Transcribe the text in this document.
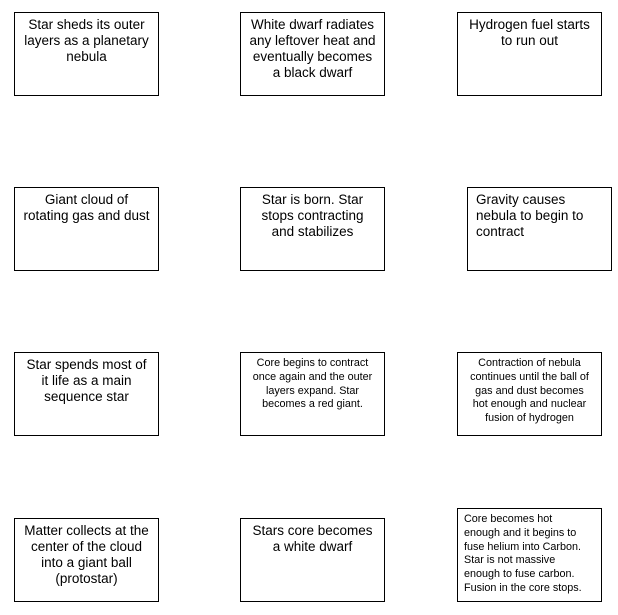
Star sheds its outer
layers as a planetary
nebula
White dwarf radiates
any leftover heat and
eventually becomes
a black dwarf
Hydrogen fuel starts
to run out
Giant cloud of
rotating gas and dust
Star is born. Star
stops contracting
and stabilizes
Gravity causes
nebula to begin to
contract
Star spends most of
it life as a main
sequence star
Core begins to contract
once again and the outer
layers expand. Star
becomes a red giant.
Contraction of nebula
continues until the ball of
gas and dust becomes
hot enough and nuclear
fusion of hydrogen
Matter collects at the
center of the cloud
into a giant ball
(protostar)
Stars core becomes
a white dwarf
Core becomes hot
enough and it begins to
fuse helium into Carbon.
Star is not massive
enough to fuse carbon.
Fusion in the core stops.
